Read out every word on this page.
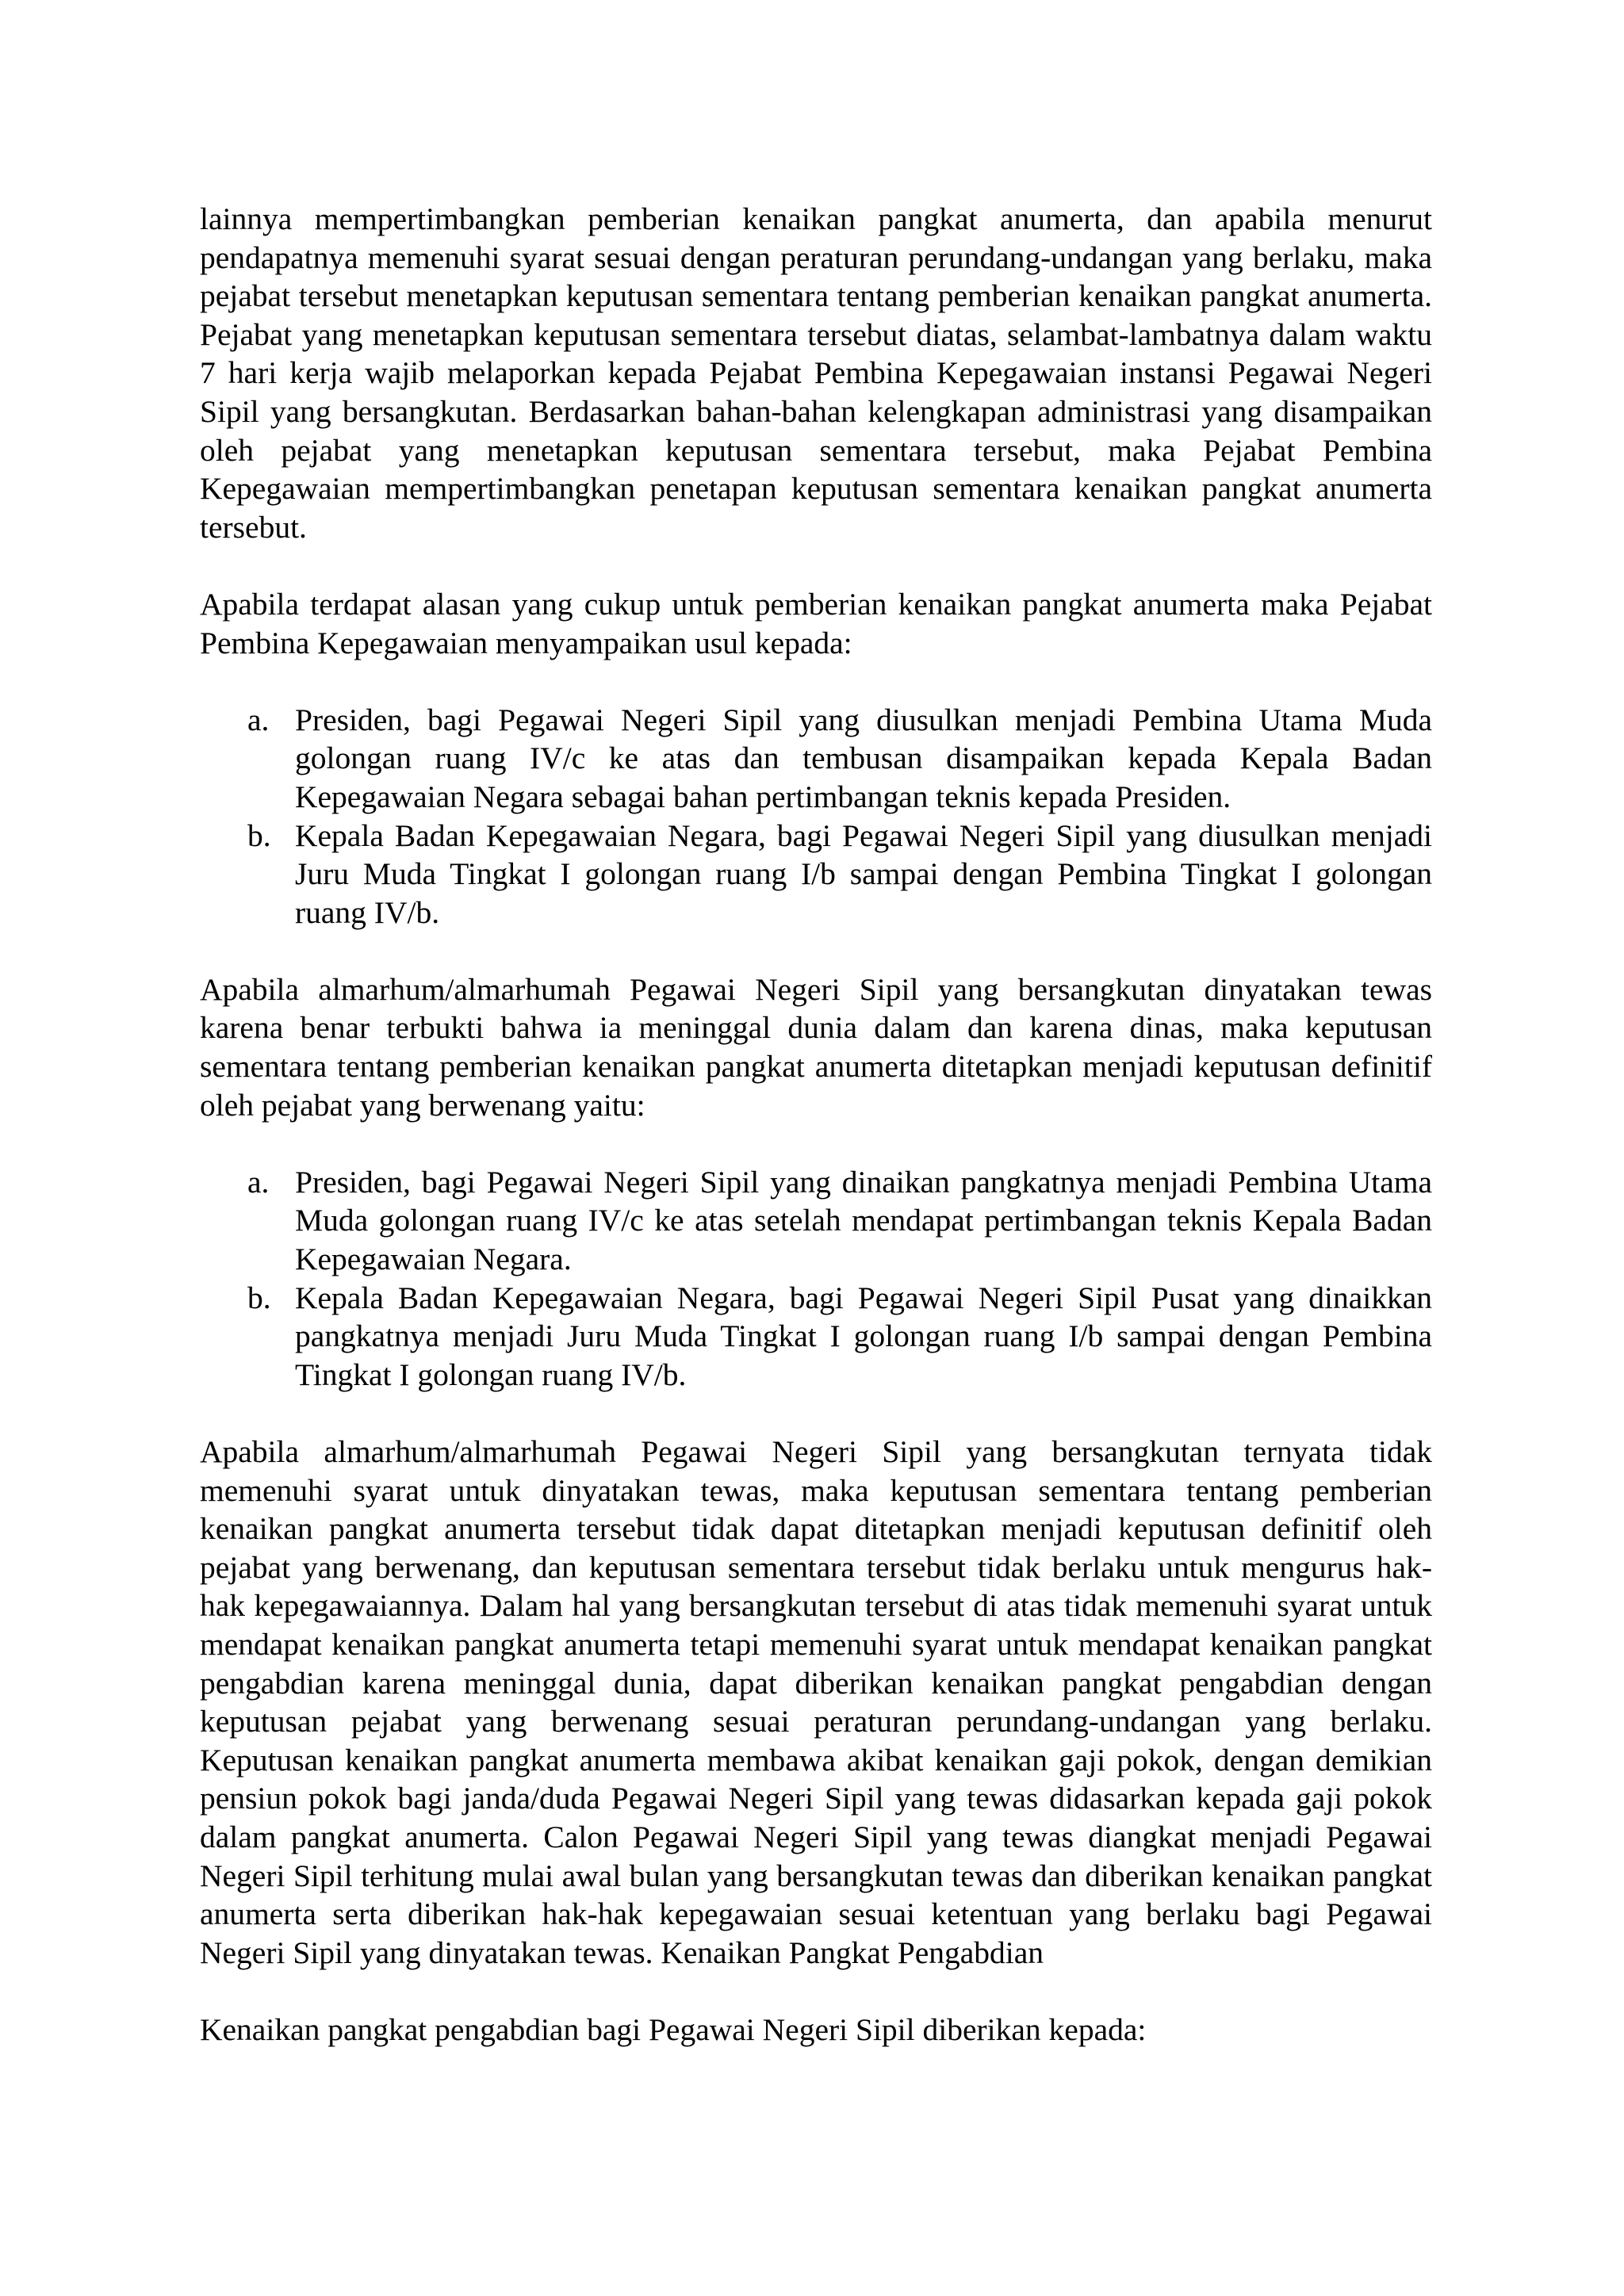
lainnya mempertimbangkan pemberian kenaikan pangkat anumerta, dan apabila menurut pendapatnya memenuhi syarat sesuai dengan peraturan perundang-undangan yang berlaku, maka pejabat tersebut menetapkan keputusan sementara tentang pemberian kenaikan pangkat anumerta. Pejabat yang menetapkan keputusan sementara tersebut diatas, selambat-lambatnya dalam waktu 7 hari kerja wajib melaporkan kepada Pejabat Pembina Kepegawaian instansi Pegawai Negeri Sipil yang bersangkutan. Berdasarkan bahan-bahan kelengkapan administrasi yang disampaikan oleh pejabat yang menetapkan keputusan sementara tersebut, maka Pejabat Pembina Kepegawaian mempertimbangkan penetapan keputusan sementara kenaikan pangkat anumerta tersebut.

Apabila terdapat alasan yang cukup untuk pemberian kenaikan pangkat anumerta maka Pejabat Pembina Kepegawaian menyampaikan usul kepada:

a. Presiden, bagi Pegawai Negeri Sipil yang diusulkan menjadi Pembina Utama Muda golongan ruang IV/c ke atas dan tembusan disampaikan kepada Kepala Badan Kepegawaian Negara sebagai bahan pertimbangan teknis kepada Presiden.
b. Kepala Badan Kepegawaian Negara, bagi Pegawai Negeri Sipil yang diusulkan menjadi Juru Muda Tingkat I golongan ruang I/b sampai dengan Pembina Tingkat I golongan ruang IV/b.

Apabila almarhum/almarhumah Pegawai Negeri Sipil yang bersangkutan dinyatakan tewas karena benar terbukti bahwa ia meninggal dunia dalam dan karena dinas, maka keputusan sementara tentang pemberian kenaikan pangkat anumerta ditetapkan menjadi keputusan definitif oleh pejabat yang berwenang yaitu:

a. Presiden, bagi Pegawai Negeri Sipil yang dinaikan pangkatnya menjadi Pembina Utama Muda golongan ruang IV/c ke atas setelah mendapat pertimbangan teknis Kepala Badan Kepegawaian Negara.
b. Kepala Badan Kepegawaian Negara, bagi Pegawai Negeri Sipil Pusat yang dinaikkan pangkatnya menjadi Juru Muda Tingkat I golongan ruang I/b sampai dengan Pembina Tingkat I golongan ruang IV/b.

Apabila almarhum/almarhumah Pegawai Negeri Sipil yang bersangkutan ternyata tidak memenuhi syarat untuk dinyatakan tewas, maka keputusan sementara tentang pemberian kenaikan pangkat anumerta tersebut tidak dapat ditetapkan menjadi keputusan definitif oleh pejabat yang berwenang, dan keputusan sementara tersebut tidak berlaku untuk mengurus hak-hak kepegawaiannya. Dalam hal yang bersangkutan tersebut di atas tidak memenuhi syarat untuk mendapat kenaikan pangkat anumerta tetapi memenuhi syarat untuk mendapat kenaikan pangkat pengabdian karena meninggal dunia, dapat diberikan kenaikan pangkat pengabdian dengan keputusan pejabat yang berwenang sesuai peraturan perundang-undangan yang berlaku. Keputusan kenaikan pangkat anumerta membawa akibat kenaikan gaji pokok, dengan demikian pensiun pokok bagi janda/duda Pegawai Negeri Sipil yang tewas didasarkan kepada gaji pokok dalam pangkat anumerta. Calon Pegawai Negeri Sipil yang tewas diangkat menjadi Pegawai Negeri Sipil terhitung mulai awal bulan yang bersangkutan tewas dan diberikan kenaikan pangkat anumerta serta diberikan hak-hak kepegawaian sesuai ketentuan yang berlaku bagi Pegawai Negeri Sipil yang dinyatakan tewas. Kenaikan Pangkat Pengabdian

Kenaikan pangkat pengabdian bagi Pegawai Negeri Sipil diberikan kepada:
